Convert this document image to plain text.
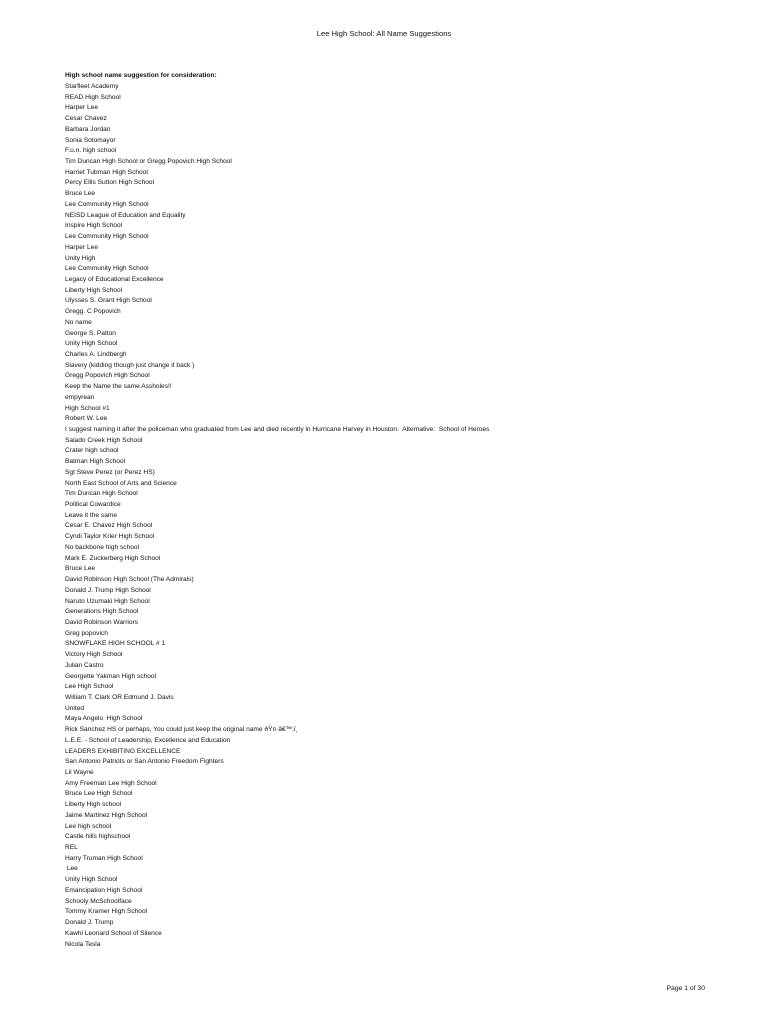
Lee High School: All Name Suggestions
High school name suggestion for consideration:
Starfleet Academy
READ High School
Harper Lee
Cesar Chavez
Barbara Jordan
Sonia Sotomayor
F.u.n. high school
Tim Duncan High School or Gregg Popovich High School
Harriet Tubman High School
Percy Ellis Sutton High School
Bruce Lee
Lee Community High School
NEISD League of Education and Equality
Inspire High School
Lee Community High School
Harper Lee
Unity High
Lee Community High School
Legacy of Educational Excellence
Liberty High School
Ulysses S. Grant High School
Gregg. C Popovich
No name
George S. Patton
Unity High School
Charles A. Lindbergh
Slavery (kidding though just change it back )
Gregg Popovich High School
Keep the Name the same Assholes!!
empyrean
High School #1
Robert W. Lee
I suggest naming it after the policeman who graduated from Lee and died recently in Hurricane Harvey in Houston.  Alternative:  School of Heroes
Salado Creek High School
Crater high school
Batman High School
Sgt Steve Perez (or Perez HS)
North East School of Arts and Science
Tim Duncan High School
Political Cowardice
Leave it the same
Cesar E. Chavez High School
Cyndi Taylor Krier High School
No backbone high school
Mark E. Zuckerberg High School
Bruce Lee
David Robinson High School (The Admirals)
Donald J. Trump High School
Naruto Uzumaki High School
Generations High School
David Robinson Warriors
Greg popovich
SNOWFLAKE HIGH SCHOOL # 1
Victory High School
Julian Castro
Georgette Yakman High school
Lee High School
William T. Clark OR Edmund J. Davis
United
Maya Angelo  High School
Rick Sanchez HS or perhaps, You could just keep the original name ðŸ¤·â€™‚ï¸
L.E.E. - School of Leadership, Excellence and Education
LEADERS EXHIBITING EXCELLENCE
San Antonio Patriots or San Antonio Freedom Fighters
Lil Wayne
Amy Freeman Lee High School
Bruce Lee High School
Liberty High school
Jaime Martinez High School
Lee high school
Castle hills highschool
REL
Harry Truman High School
Lee
Unity High School
Emancipation High School
Schooly McSchoolface
Tommy Kramer High School
Donald J. Trump
Kawhi Leonard School of Silence
Nicola Tesla
Page 1 of 30
